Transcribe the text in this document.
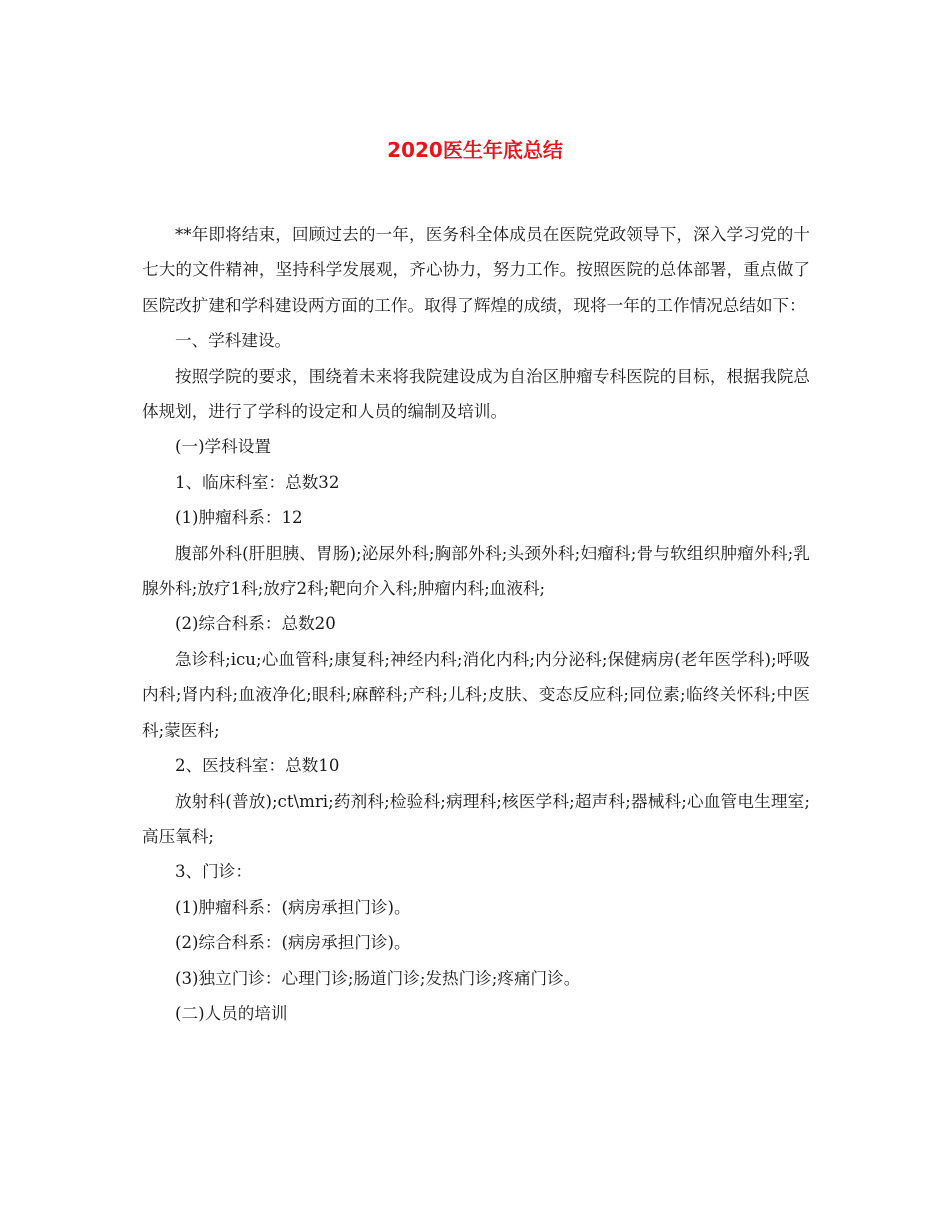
2020医生年底总结

**年即将结束，回顾过去的一年，医务科全体成员在医院党政领导下，深入学习党的十七大的文件精神，坚持科学发展观，齐心协力，努力工作。按照医院的总体部署，重点做了医院改扩建和学科建设两方面的工作。取得了辉煌的成绩，现将一年的工作情况总结如下：

一、学科建设。

按照学院的要求，围绕着未来将我院建设成为自治区肿瘤专科医院的目标，根据我院总体规划，进行了学科的设定和人员的编制及培训。

(一)学科设置

1、临床科室：总数32

(1)肿瘤科系：12

腹部外科(肝胆胰、胃肠);泌尿外科;胸部外科;头颈外科;妇瘤科;骨与软组织肿瘤外科;乳腺外科;放疗1科;放疗2科;靶向介入科;肿瘤内科;血液科;

(2)综合科系：总数20

急诊科;icu;心血管科;康复科;神经内科;消化内科;内分泌科;保健病房(老年医学科);呼吸内科;肾内科;血液净化;眼科;麻醉科;产科;儿科;皮肤、变态反应科;同位素;临终关怀科;中医科;蒙医科;

2、医技科室：总数10

放射科(普放);ct\mri;药剂科;检验科;病理科;核医学科;超声科;器械科;心血管电生理室;高压氧科;

3、门诊：

(1)肿瘤科系：(病房承担门诊)。

(2)综合科系：(病房承担门诊)。

(3)独立门诊：心理门诊;肠道门诊;发热门诊;疼痛门诊。

(二)人员的培训
